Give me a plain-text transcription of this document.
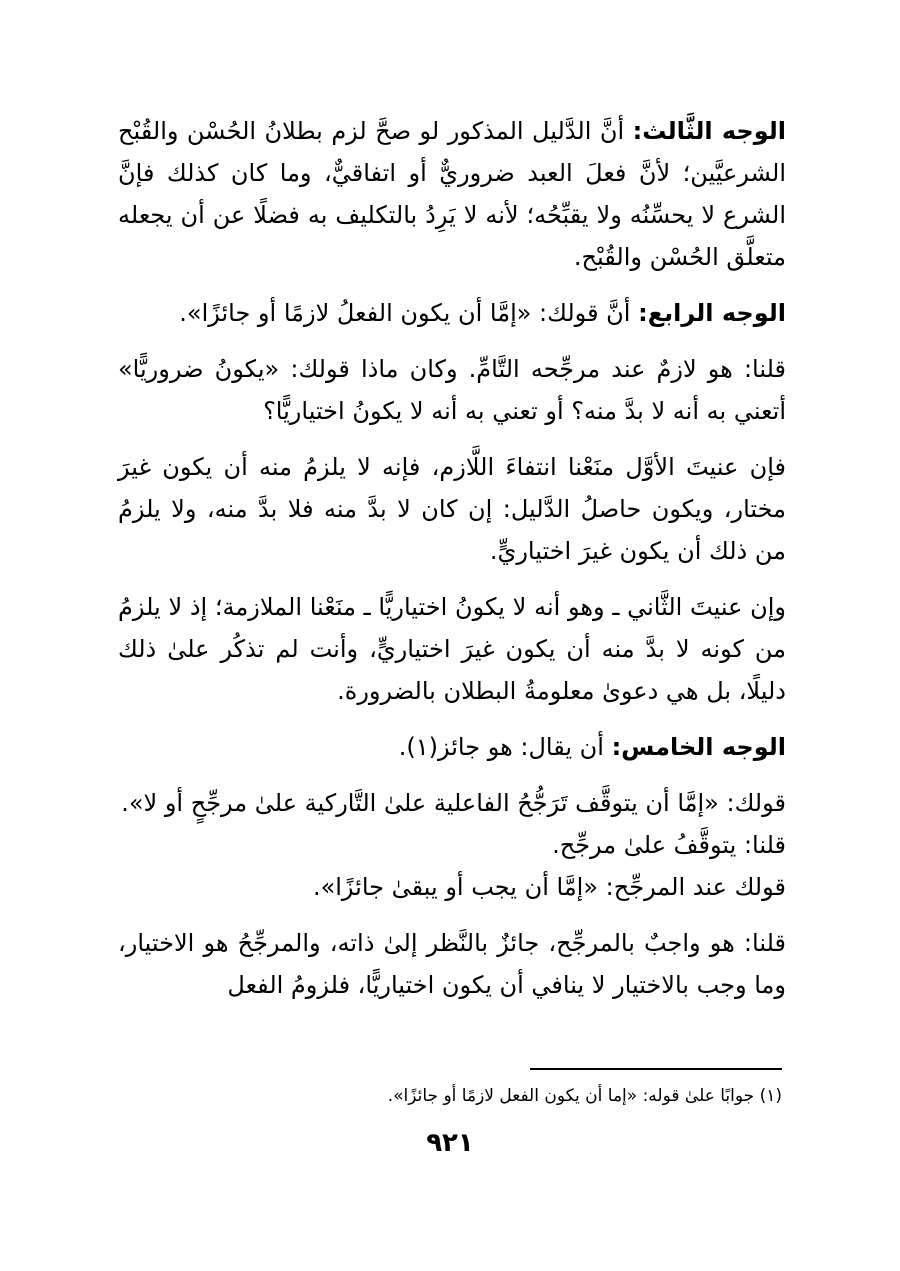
الوجه الثَّالث: أنَّ الدَّليل المذكور لو صحَّ لزم بطلانُ الحُسْن والقُبْح الشرعيَّين؛ لأنَّ فعلَ العبد ضروريٌّ أو اتفاقيٌّ، وما كان كذلك فإنَّ الشرع لا يحسِّنُه ولا يقبِّحُه؛ لأنه لا يَرِدُ بالتكليف به فضلًا عن أن يجعله متعلَّق الحُسْن والقُبْح.

الوجه الرابع: أنَّ قولك: «إمَّا أن يكون الفعلُ لازمًا أو جائزًا».

قلنا: هو لازمٌ عند مرجِّحه التَّامِّ. وكان ماذا قولك: «يكونُ ضروريًّا» أتعني به أنه لا بدَّ منه؟ أو تعني به أنه لا يكونُ اختياريًّا؟

فإن عنيتَ الأوَّل منَعْنا انتفاءَ اللَّازم، فإنه لا يلزمُ منه أن يكون غيرَ مختار، ويكون حاصلُ الدَّليل: إن كان لا بدَّ منه فلا بدَّ منه، ولا يلزمُ من ذلك أن يكون غيرَ اختياريٍّ.

وإن عنيتَ الثَّاني ـ وهو أنه لا يكونُ اختياريًّا ـ منَعْنا الملازمة؛ إذ لا يلزمُ من كونه لا بدَّ منه أن يكون غيرَ اختياريٍّ، وأنت لم تذكُر علىٰ ذلك دليلًا، بل هي دعوىٰ معلومةُ البطلان بالضرورة.

الوجه الخامس: أن يقال: هو جائز(١).

قولك: «إمَّا أن يتوقَّف تَرَجُّحُ الفاعلية علىٰ التَّاركية علىٰ مرجِّحٍ أو لا».

قلنا: يتوقَّفُ علىٰ مرجِّح.

قولك عند المرجِّح: «إمَّا أن يجب أو يبقىٰ جائزًا».

قلنا: هو واجبٌ بالمرجِّح، جائزٌ بالنَّظر إلىٰ ذاته، والمرجِّحُ هو الاختيار، وما وجب بالاختيار لا ينافي أن يكون اختياريًّا، فلزومُ الفعل

(١) جوابًا علىٰ قوله: «إما أن يكون الفعل لازمًا أو جائزًا».
٩٢١
